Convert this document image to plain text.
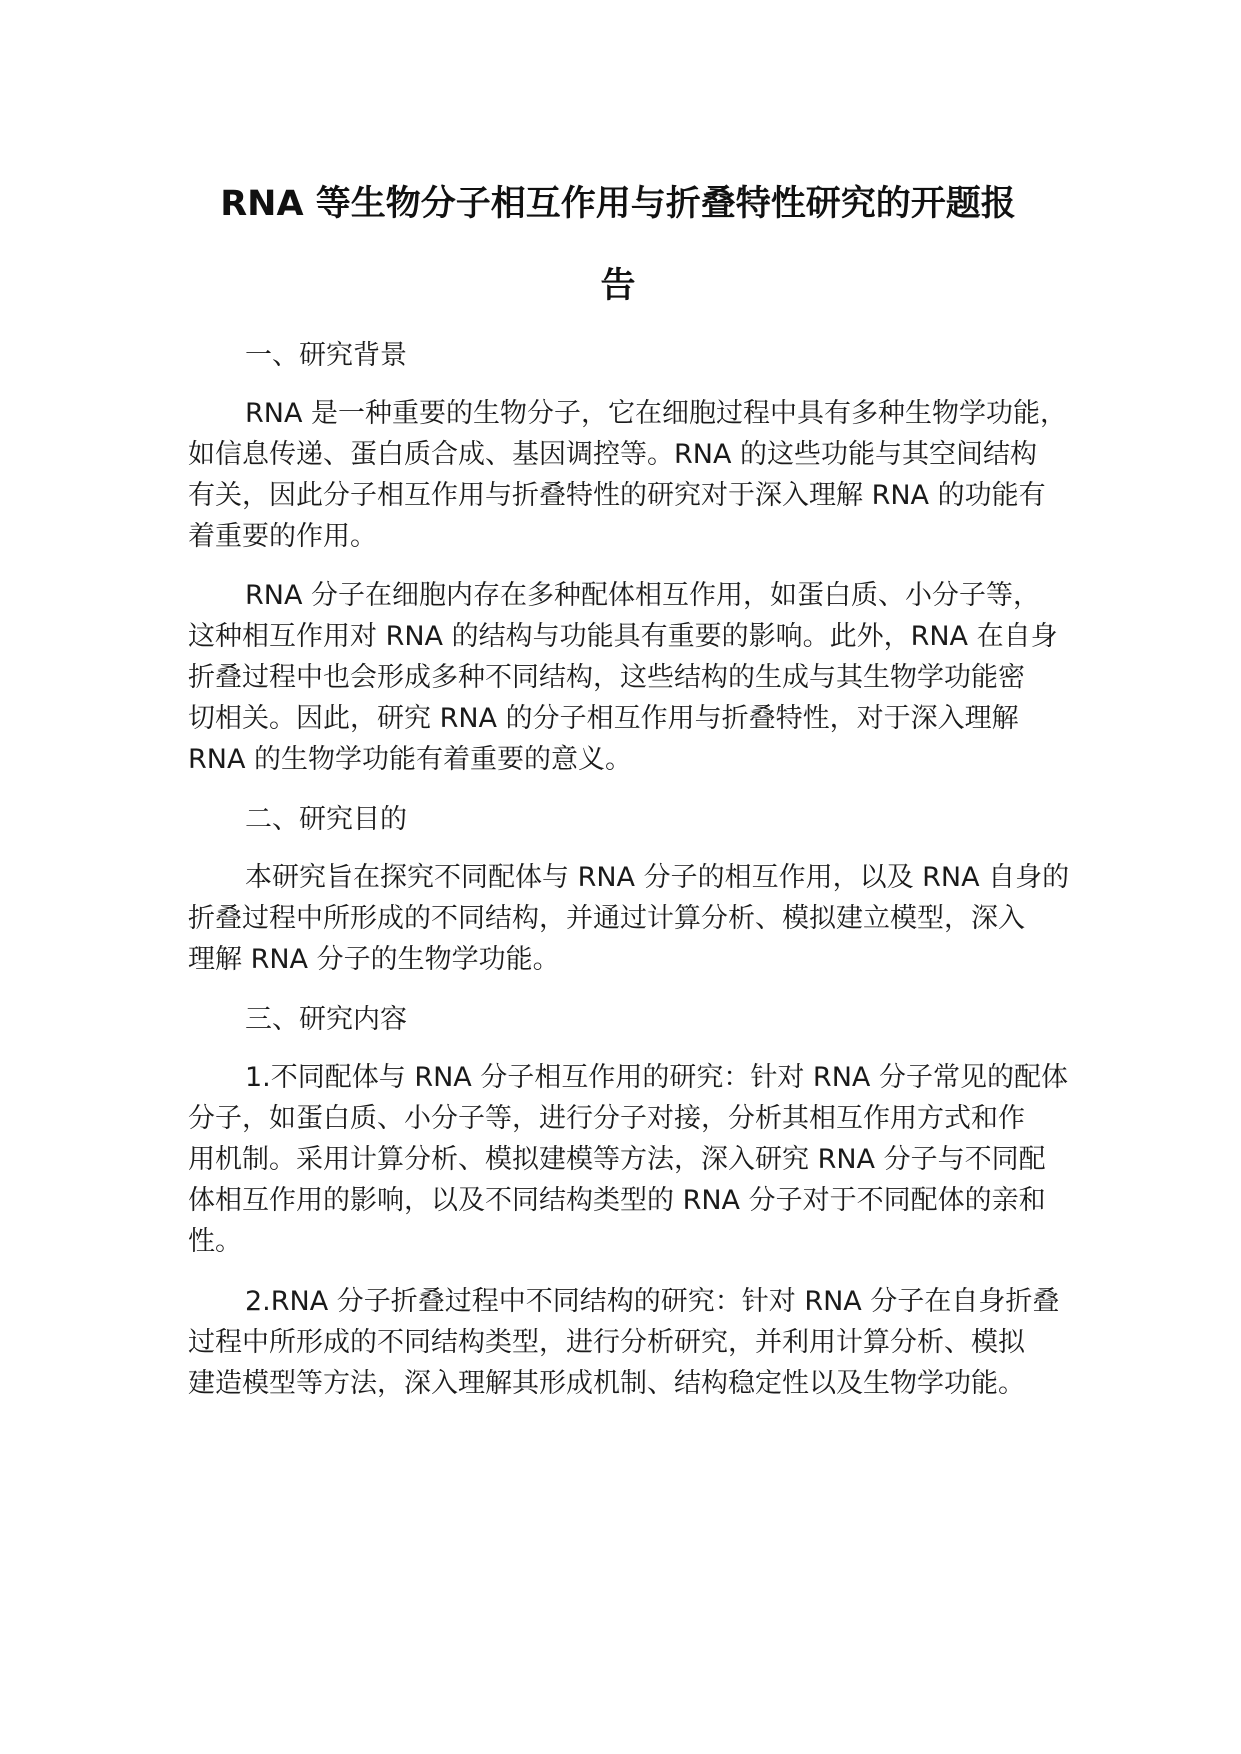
RNA 等生物分子相互作用与折叠特性研究的开题报
告
一、研究背景
RNA 是一种重要的生物分子，它在细胞过程中具有多种生物学功能，
如信息传递、蛋白质合成、基因调控等。RNA 的这些功能与其空间结构
有关，因此分子相互作用与折叠特性的研究对于深入理解 RNA 的功能有
着重要的作用。
RNA 分子在细胞内存在多种配体相互作用，如蛋白质、小分子等，
这种相互作用对 RNA 的结构与功能具有重要的影响。此外，RNA 在自身
折叠过程中也会形成多种不同结构，这些结构的生成与其生物学功能密
切相关。因此，研究 RNA 的分子相互作用与折叠特性，对于深入理解
RNA 的生物学功能有着重要的意义。
二、研究目的
本研究旨在探究不同配体与 RNA 分子的相互作用，以及 RNA 自身的
折叠过程中所形成的不同结构，并通过计算分析、模拟建立模型，深入
理解 RNA 分子的生物学功能。
三、研究内容
1.不同配体与 RNA 分子相互作用的研究：针对 RNA 分子常见的配体
分子，如蛋白质、小分子等，进行分子对接，分析其相互作用方式和作
用机制。采用计算分析、模拟建模等方法，深入研究 RNA 分子与不同配
体相互作用的影响，以及不同结构类型的 RNA 分子对于不同配体的亲和
性。
2.RNA 分子折叠过程中不同结构的研究：针对 RNA 分子在自身折叠
过程中所形成的不同结构类型，进行分析研究，并利用计算分析、模拟
建造模型等方法，深入理解其形成机制、结构稳定性以及生物学功能。
